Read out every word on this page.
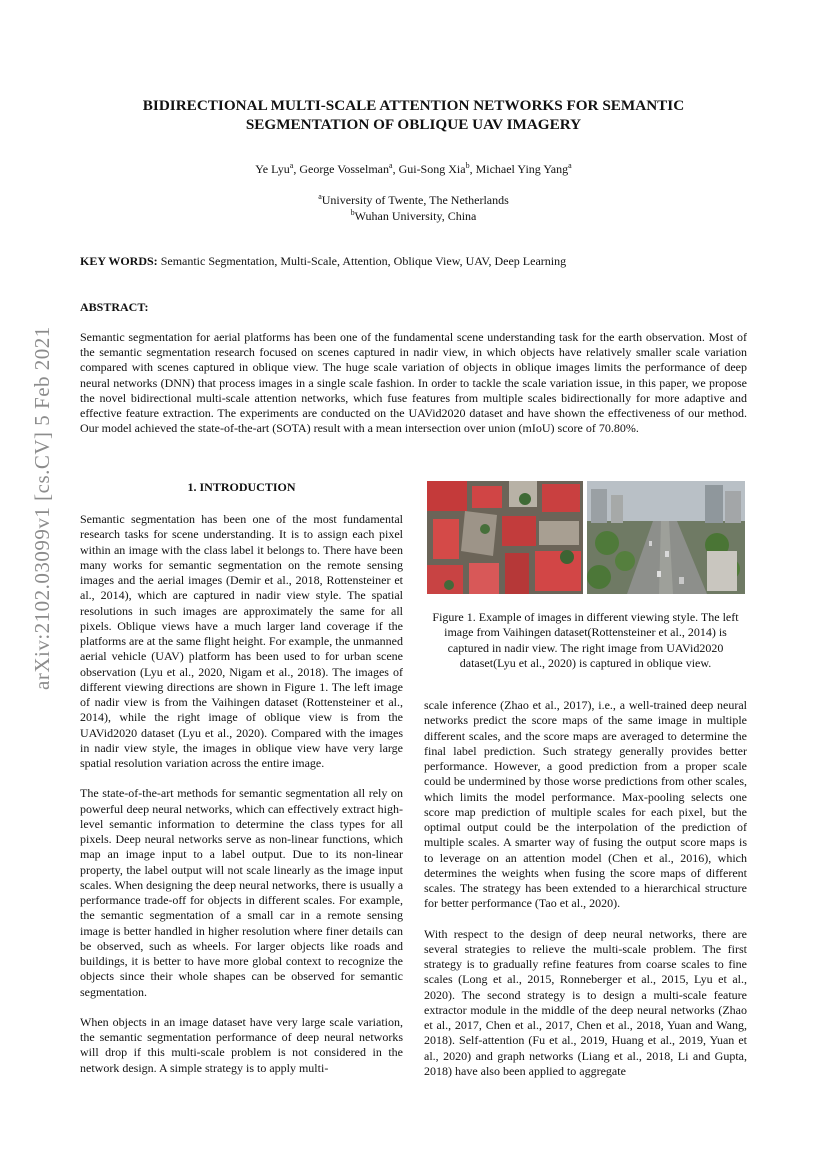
arXiv:2102.03099v1 [cs.CV] 5 Feb 2021
BIDIRECTIONAL MULTI-SCALE ATTENTION NETWORKS FOR SEMANTIC
SEGMENTATION OF OBLIQUE UAV IMAGERY
Ye Lyu$^a$, George Vosselman$^a$, Gui-Song Xia$^b$, Michael Ying Yang$^a$
$^a$University of Twente, The Netherlands
$^b$Wuhan University, China
KEY WORDS: Semantic Segmentation, Multi-Scale, Attention, Oblique View, UAV, Deep Learning
ABSTRACT:

Semantic segmentation for aerial platforms has been one of the fundamental scene understanding task for the earth observation. Most of the semantic segmentation research focused on scenes captured in nadir view, in which objects have relatively smaller scale variation compared with scenes captured in oblique view. The huge scale variation of objects in oblique images limits the performance of deep neural networks (DNN) that process images in a single scale fashion. In order to tackle the scale variation issue, in this paper, we propose the novel bidirectional multi-scale attention networks, which fuse features from multiple scales bidirectionally for more adaptive and effective feature extraction. The experiments are conducted on the UAVid2020 dataset and have shown the effectiveness of our method. Our model achieved the state-of-the-art (SOTA) result with a mean intersection over union (mIoU) score of 70.80%.

1. INTRODUCTION

Semantic segmentation has been one of the most fundamental research tasks for scene understanding. It is to assign each pixel within an image with the class label it belongs to. There have been many works for semantic segmentation on the remote sensing images and the aerial images (Demir et al., 2018, Rottensteiner et al., 2014), which are captured in nadir view style. The spatial resolutions in such images are approximately the same for all pixels. Oblique views have a much larger land coverage if the platforms are at the same flight height. For example, the unmanned aerial vehicle (UAV) platform has been used to for urban scene observation (Lyu et al., 2020, Nigam et al., 2018). The images of different viewing directions are shown in Figure 1. The left image of nadir view is from the Vaihingen dataset (Rottensteiner et al., 2014), while the right image of oblique view is from the UAVid2020 dataset (Lyu et al., 2020). Compared with the images in nadir view style, the images in oblique view have very large spatial resolution variation across the entire image.

The state-of-the-art methods for semantic segmentation all rely on powerful deep neural networks, which can effectively extract high-level semantic information to determine the class types for all pixels. Deep neural networks serve as non-linear functions, which map an image input to a label output. Due to its non-linear property, the label output will not scale linearly as the image input scales. When designing the deep neural networks, there is usually a performance trade-off for objects in different scales. For example, the semantic segmentation of a small car in a remote sensing image is better handled in higher resolution where finer details can be observed, such as wheels. For larger objects like roads and buildings, it is better to have more global context to recognize the objects since their whole shapes can be observed for semantic segmentation.

When objects in an image dataset have very large scale variation, the semantic segmentation performance of deep neural networks will drop if this multi-scale problem is not considered in the network design. A simple strategy is to apply multi-

Figure 1. Example of images in different viewing style. The left image from Vaihingen dataset(Rottensteiner et al., 2014) is captured in nadir view. The right image from UAVid2020 dataset(Lyu et al., 2020) is captured in oblique view.

scale inference (Zhao et al., 2017), i.e., a well-trained deep neural networks predict the score maps of the same image in multiple different scales, and the score maps are averaged to determine the final label prediction. Such strategy generally provides better performance. However, a good prediction from a proper scale could be undermined by those worse predictions from other scales, which limits the model performance. Max-pooling selects one score map prediction of multiple scales for each pixel, but the optimal output could be the interpolation of the prediction of multiple scales. A smarter way of fusing the output score maps is to leverage on an attention model (Chen et al., 2016), which determines the weights when fusing the score maps of different scales. The strategy has been extended to a hierarchical structure for better performance (Tao et al., 2020).

With respect to the design of deep neural networks, there are several strategies to relieve the multi-scale problem. The first strategy is to gradually refine features from coarse scales to fine scales (Long et al., 2015, Ronneberger et al., 2015, Lyu et al., 2020). The second strategy is to design a multi-scale feature extractor module in the middle of the deep neural networks (Zhao et al., 2017, Chen et al., 2017, Chen et al., 2018, Yuan and Wang, 2018). Self-attention (Fu et al., 2019, Huang et al., 2019, Yuan et al., 2020) and graph networks (Liang et al., 2018, Li and Gupta, 2018) have also been applied to aggregate
